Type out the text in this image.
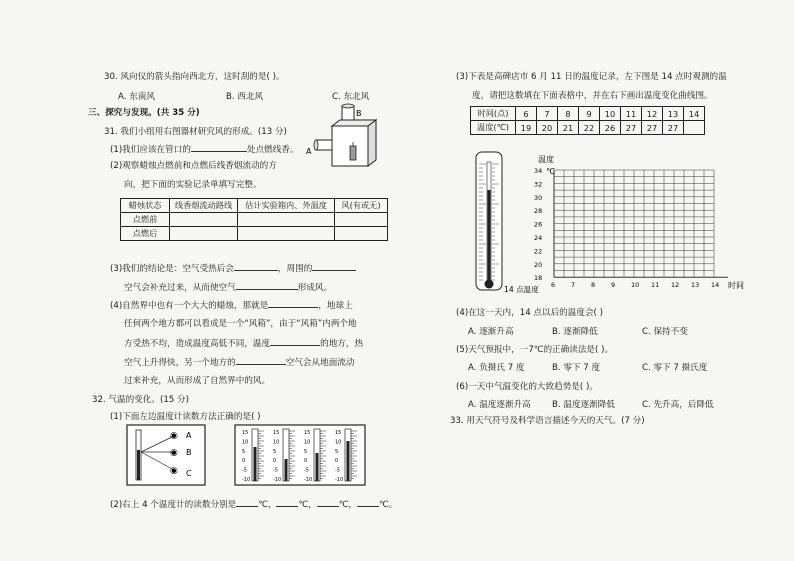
30. 风向仪的箭头指向西北方，这时刮的是( )。
A. 东南风	B. 西北风	C. 东北风
三、探究与发现。(共 35 分)
31. 我们小组用右图器材研究风的形成。(13 分)
(1)我们应该在管口的	处点燃线香。
(2)观察蜡烛点燃前和点燃后线香烟流动的方
向，把下面的实验记录单填写完整。
B
A
蜡烛状态	线香烟流动路线	估计实验箱内、外温度	风(有或无)
点燃前			
点燃后			
(3)我们的结论是：空气受热后会	，周围的
空气会补充过来，从而使空气	形成风。
(4)自然界中也有一个大大的蜡烛，那就是	，地球上
任何两个地方都可以看成是一个“风箱”，由于“风箱”内两个地
方受热不均，造成温度高低不同，温度	的地方，热
空气上升得快，另一个地方的	空气会从地面流动
过来补充，从而形成了自然界中的风。
32. 气温的变化。(15 分)
(1)下面左边温度计读数方法正确的是( )
◉
◉
◉
A
B
C
15
10
5
0
-5
-10
15
10
5
0
-5
-10
15
10
5
0
-5
-10
15
10
5
0
-5
-10
(2)右上 4 个温度计的读数分别是	℃，	℃，	℃，	℃。
(3)下表是高碑店市 6 月 11 日的温度记录，左下图是 14 点时观测的温
度，请把这数填在下面表格中，并在右下画出温度变化曲线图。
时间(点)	6	7	8	9	10	11	12	13	14
温度(℃)	19	20	21	22	26	27	27	27	
14 点温度
温度
℃
34
32
30
28
26
24
22
20
18
6 7 8 9 10 11 12 13 14 时间
(4)在这一天内，14 点以后的温度会( )
A. 逐渐升高	B. 逐渐降低	C. 保持不变
(5)天气预报中，一7℃的正确读法是( )。
A. 负摄氏 7 度	B. 零下 7 度	C. 零下 7 摄氏度
(6)一天中气温变化的大致趋势是( )。
A. 温度逐渐升高 B. 温度逐渐降低	C. 先升高，后降低
33. 用天气符号及科学语言描述今天的天气。(7 分)
